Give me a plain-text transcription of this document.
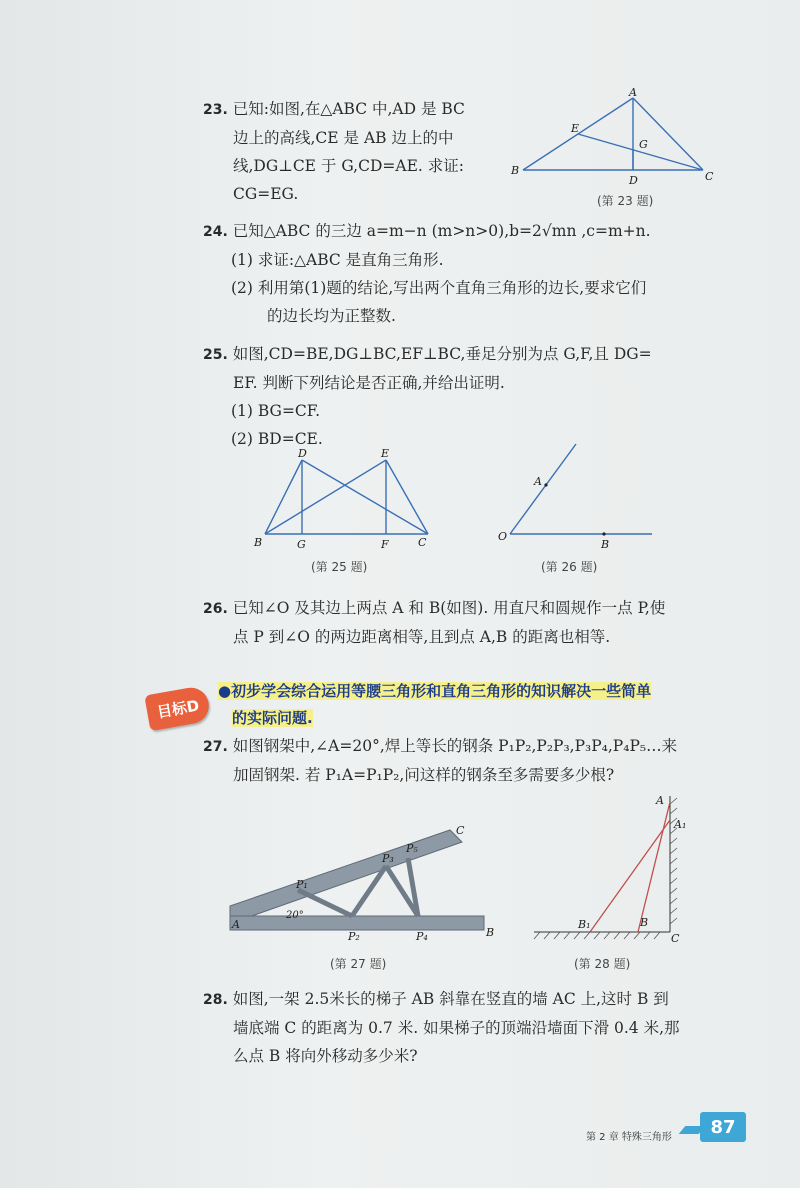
23. 已知:如图,在△ABC 中,AD 是 BC
边上的高线,CE 是 AB 边上的中
线,DG⊥CE 于 G,CD=AE. 求证:
CG=EG.
A
E
G
B
D	C
(第 23 题)
24. 已知△ABC 的三边 a=m−n (m>n>0),b=2√mn ,c=m+n.
(1) 求证:△ABC 是直角三角形.
(2) 利用第(1)题的结论,写出两个直角三角形的边长,要求它们
的边长均为正整数.
25. 如图,CD=BE,DG⊥BC,EF⊥BC,垂足分别为点 G,F,且 DG=
EF. 判断下列结论是否正确,并给出证明.
(1) BG=CF.
(2) BD=CE.
D	E
B	G	F	C
(第 25 题)
A
O
B
(第 26 题)
26. 已知∠O 及其边上两点 A 和 B(如图). 用直尺和圆规作一点 P,使
点 P 到∠O 的两边距离相等,且到点 A,B 的距离也相等.
目标D
●初步学会综合运用等腰三角形和直角三角形的知识解决一些简单
的实际问题.
27. 如图钢架中,∠A=20°,焊上等长的钢条 P₁P₂,P₂P₃,P₃P₄,P₄P₅…来
加固钢架. 若 P₁A=P₁P₂,问这样的钢条至多需要多少根?
A
20°
P₁
P₃
P₅
C
P₂	P₄	B
(第 27 题)
A
A₁
B₁	B
C
(第 28 题)
28. 如图,一架 2.5米长的梯子 AB 斜靠在竖直的墙 AC 上,这时 B 到
墙底端 C 的距离为 0.7 米. 如果梯子的顶端沿墙面下滑 0.4 米,那
么点 B 将向外移动多少米?
第 2 章 特殊三角形	87
